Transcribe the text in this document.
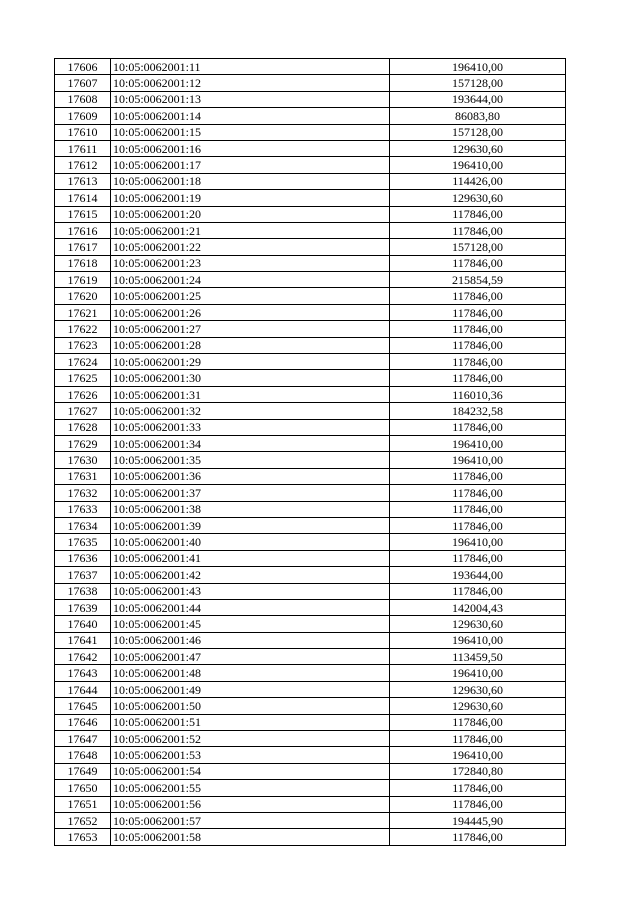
17606	10:05:0062001:11	196410,00
17607	10:05:0062001:12	157128,00
17608	10:05:0062001:13	193644,00
17609	10:05:0062001:14	86083,80
17610	10:05:0062001:15	157128,00
17611	10:05:0062001:16	129630,60
17612	10:05:0062001:17	196410,00
17613	10:05:0062001:18	114426,00
17614	10:05:0062001:19	129630,60
17615	10:05:0062001:20	117846,00
17616	10:05:0062001:21	117846,00
17617	10:05:0062001:22	157128,00
17618	10:05:0062001:23	117846,00
17619	10:05:0062001:24	215854,59
17620	10:05:0062001:25	117846,00
17621	10:05:0062001:26	117846,00
17622	10:05:0062001:27	117846,00
17623	10:05:0062001:28	117846,00
17624	10:05:0062001:29	117846,00
17625	10:05:0062001:30	117846,00
17626	10:05:0062001:31	116010,36
17627	10:05:0062001:32	184232,58
17628	10:05:0062001:33	117846,00
17629	10:05:0062001:34	196410,00
17630	10:05:0062001:35	196410,00
17631	10:05:0062001:36	117846,00
17632	10:05:0062001:37	117846,00
17633	10:05:0062001:38	117846,00
17634	10:05:0062001:39	117846,00
17635	10:05:0062001:40	196410,00
17636	10:05:0062001:41	117846,00
17637	10:05:0062001:42	193644,00
17638	10:05:0062001:43	117846,00
17639	10:05:0062001:44	142004,43
17640	10:05:0062001:45	129630,60
17641	10:05:0062001:46	196410,00
17642	10:05:0062001:47	113459,50
17643	10:05:0062001:48	196410,00
17644	10:05:0062001:49	129630,60
17645	10:05:0062001:50	129630,60
17646	10:05:0062001:51	117846,00
17647	10:05:0062001:52	117846,00
17648	10:05:0062001:53	196410,00
17649	10:05:0062001:54	172840,80
17650	10:05:0062001:55	117846,00
17651	10:05:0062001:56	117846,00
17652	10:05:0062001:57	194445,90
17653	10:05:0062001:58	117846,00
